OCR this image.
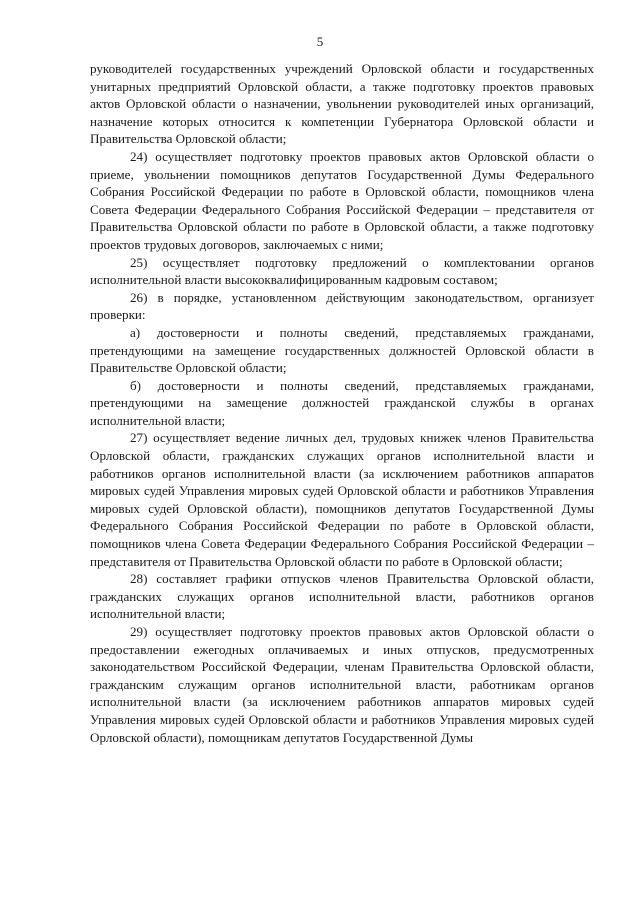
5

руководителей государственных учреждений Орловской области и государственных унитарных предприятий Орловской области, а также подготовку проектов правовых актов Орловской области о назначении, увольнении руководителей иных организаций, назначение которых относится к компетенции Губернатора Орловской области и Правительства Орловской области;

24) осуществляет подготовку проектов правовых актов Орловской области о приеме, увольнении помощников депутатов Государственной Думы Федерального Собрания Российской Федерации по работе в Орловской области, помощников члена Совета Федерации Федерального Собрания Российской Федерации – представителя от Правительства Орловской области по работе в Орловской области, а также подготовку проектов трудовых договоров, заключаемых с ними;

25) осуществляет подготовку предложений о комплектовании органов исполнительной власти высококвалифицированным кадровым составом;

26) в порядке, установленном действующим законодательством, организует проверки:

а) достоверности и полноты сведений, представляемых гражданами, претендующими на замещение государственных должностей Орловской области в Правительстве Орловской области;

б) достоверности и полноты сведений, представляемых гражданами, претендующими на замещение должностей гражданской службы в органах исполнительной власти;

27) осуществляет ведение личных дел, трудовых книжек членов Правительства Орловской области, гражданских служащих органов исполнительной власти и работников органов исполнительной власти (за исключением работников аппаратов мировых судей Управления мировых судей Орловской области и работников Управления мировых судей Орловской области), помощников депутатов Государственной Думы Федерального Собрания Российской Федерации по работе в Орловской области, помощников члена Совета Федерации Федерального Собрания Российской Федерации – представителя от Правительства Орловской области по работе в Орловской области;

28) составляет графики отпусков членов Правительства Орловской области, гражданских служащих органов исполнительной власти, работников органов исполнительной власти;

29) осуществляет подготовку проектов правовых актов Орловской области о предоставлении ежегодных оплачиваемых и иных отпусков, предусмотренных законодательством Российской Федерации, членам Правительства Орловской области, гражданским служащим органов исполнительной власти, работникам органов исполнительной власти (за исключением работников аппаратов мировых судей Управления мировых судей Орловской области и работников Управления мировых судей Орловской области), помощникам депутатов Государственной Думы
